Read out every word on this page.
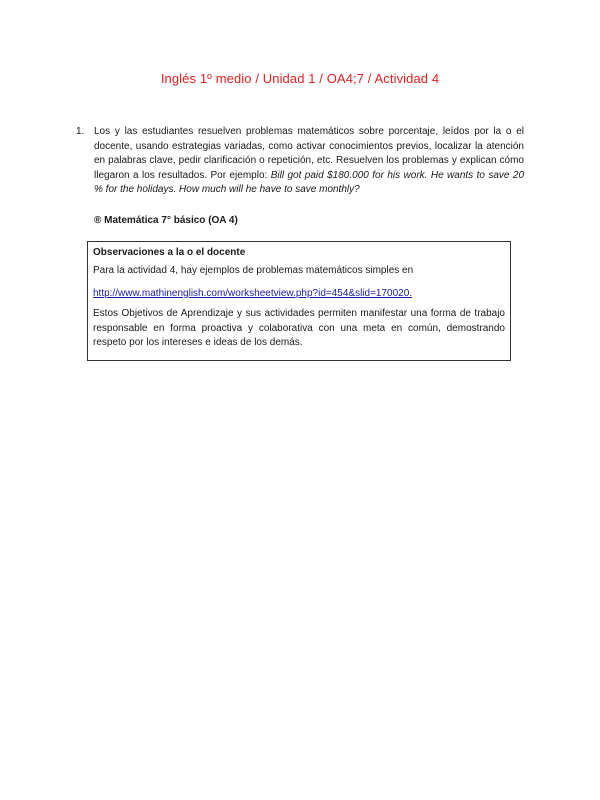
Inglés 1º medio / Unidad 1 / OA4;7 / Actividad 4
1. Los y las estudiantes resuelven problemas matemáticos sobre porcentaje, leídos por la o el docente, usando estrategias variadas, como activar conocimientos previos, localizar la atención en palabras clave, pedir clarificación o repetición, etc. Resuelven los problemas y explican cómo llegaron a los resultados. Por ejemplo: Bill got paid $180.000 for his work. He wants to save 20 % for the holidays. How much will he have to save monthly?
® Matemática 7° básico (OA 4)
Observaciones a la o el docente

Para la actividad 4, hay ejemplos de problemas matemáticos simples en

http://www.mathinenglish.com/worksheetview.php?id=454&slid=170020.

Estos Objetivos de Aprendizaje y sus actividades permiten manifestar una forma de trabajo responsable en forma proactiva y colaborativa con una meta en común, demostrando respeto por los intereses e ideas de los demás.
